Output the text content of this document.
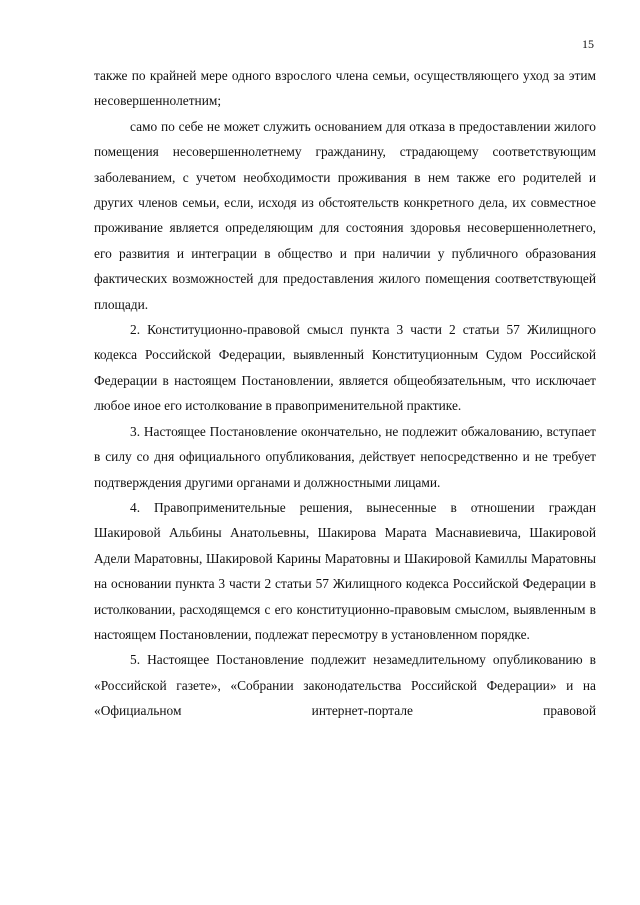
15

также по крайней мере одного взрослого члена семьи, осуществляющего уход за этим несовершеннолетним;

само по себе не может служить основанием для отказа в предоставлении жилого помещения несовершеннолетнему гражданину, страдающему соответствующим заболеванием, с учетом необходимости проживания в нем также его родителей и других членов семьи, если, исходя из обстоятельств конкретного дела, их совместное проживание является определяющим для состояния здоровья несовершеннолетнего, его развития и интеграции в общество и при наличии у публичного образования фактических возможностей для предоставления жилого помещения соответствующей площади.

2. Конституционно-правовой смысл пункта 3 части 2 статьи 57 Жилищного кодекса Российской Федерации, выявленный Конституционным Судом Российской Федерации в настоящем Постановлении, является общеобязательным, что исключает любое иное его истолкование в правоприменительной практике.

3. Настоящее Постановление окончательно, не подлежит обжалованию, вступает в силу со дня официального опубликования, действует непосредственно и не требует подтверждения другими органами и должностными лицами.

4. Правоприменительные решения, вынесенные в отношении граждан Шакировой Альбины Анатольевны, Шакирова Марата Маснавиевича, Шакировой Адели Маратовны, Шакировой Карины Маратовны и Шакировой Камиллы Маратовны на основании пункта 3 части 2 статьи 57 Жилищного кодекса Российской Федерации в истолковании, расходящемся с его конституционно-правовым смыслом, выявленным в настоящем Постановлении, подлежат пересмотру в установленном порядке.

5. Настоящее Постановление подлежит незамедлительному опубликованию в «Российской газете», «Собрании законодательства Российской Федерации» и на «Официальном интернет-портале правовой
